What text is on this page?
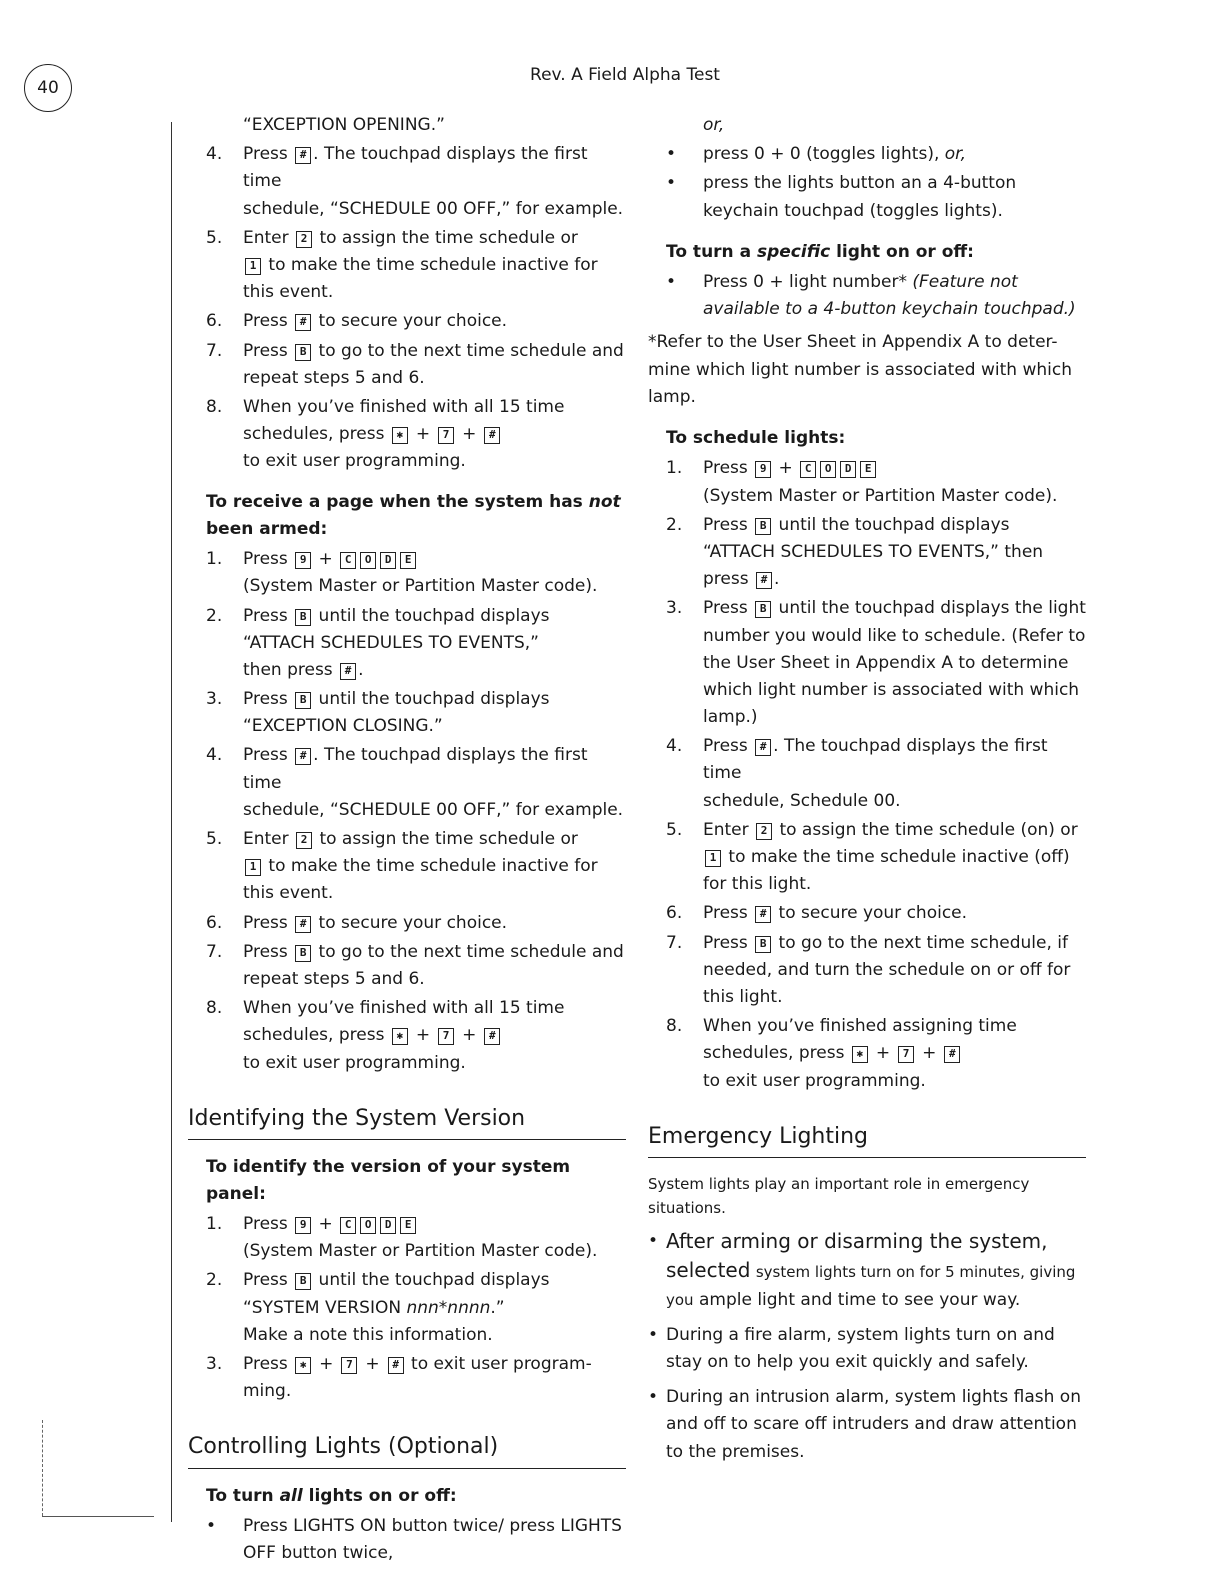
40
Rev. A Field Alpha Test

“EXCEPTION OPENING.”

4.	Press # . The touchpad displays the first time
schedule, “SCHEDULE 00 OFF,” for example.
5.	Enter 2 to assign the time schedule or
1 to make the time schedule inactive for
this event.
6.	Press # to secure your choice.
7.	Press B to go to the next time schedule and
repeat steps 5 and 6.
8.	When you’ve finished with all 15 time
schedules, press ✱ + 7 + #
to exit user programming.
To receive a page when the system has not been armed:
1.	Press 9 + C O D E
(System Master or Partition Master code).
2.	Press B until the touchpad displays
“ATTACH SCHEDULES TO EVENTS,”
then press # .
3.	Press B until the touchpad displays
“EXCEPTION CLOSING.”
4.	Press # . The touchpad displays the first time
schedule, “SCHEDULE 00 OFF,” for example.
5.	Enter 2 to assign the time schedule or
1 to make the time schedule inactive for
this event.
6.	Press # to secure your choice.
7.	Press B to go to the next time schedule and
repeat steps 5 and 6.
8.	When you’ve finished with all 15 time
schedules, press ✱ + 7 + #
to exit user programming.
Identifying the System Version
To identify the version of your system panel:
1.	Press 9 + C O D E
(System Master or Partition Master code).
2.	Press B until the touchpad displays
“SYSTEM VERSION nnn*nnnn.”
Make a note this information.
3.	Press ✱ + 7 + # to exit user program-
ming.
Controlling Lights (Optional)
To turn all lights on or off:
•	Press LIGHTS ON button twice/ press LIGHTS OFF button twice,

or,

•	press 0 + 0 (toggles lights), or,
•	press the lights button an a 4-button keychain touchpad (toggles lights).
To turn a specific light on or off:
•	Press 0 + light number* (Feature not available to a 4-button keychain touchpad.)

*Refer to the User Sheet in Appendix A to deter-
mine which light number is associated with which
lamp.

To schedule lights:
1.	Press 9 + C O D E
(System Master or Partition Master code).
2.	Press B until the touchpad displays
“ATTACH SCHEDULES TO EVENTS,” then
press # .
3.	Press B until the touchpad displays the light
number you would like to schedule. (Refer to
the User Sheet in Appendix A to determine
which light number is associated with which
lamp.)
4.	Press # . The touchpad displays the first time
schedule, Schedule 00.
5.	Enter 2 to assign the time schedule (on) or
1 to make the time schedule inactive (off)
for this light.
6.	Press # to secure your choice.
7.	Press B to go to the next time schedule, if
needed, and turn the schedule on or off for
this light.
8.	When you’ve finished assigning time
schedules, press ✱ + 7 + #
to exit user programming.
Emergency Lighting

System lights play an important role in emergency
situations.

• After arming or disarming the system, selected system lights turn on for 5 minutes, giving you ample light and time to see your way.
• During a fire alarm, system lights turn on and stay on to help you exit quickly and safely.
• During an intrusion alarm, system lights flash on and off to scare off intruders and draw attention to the premises.
